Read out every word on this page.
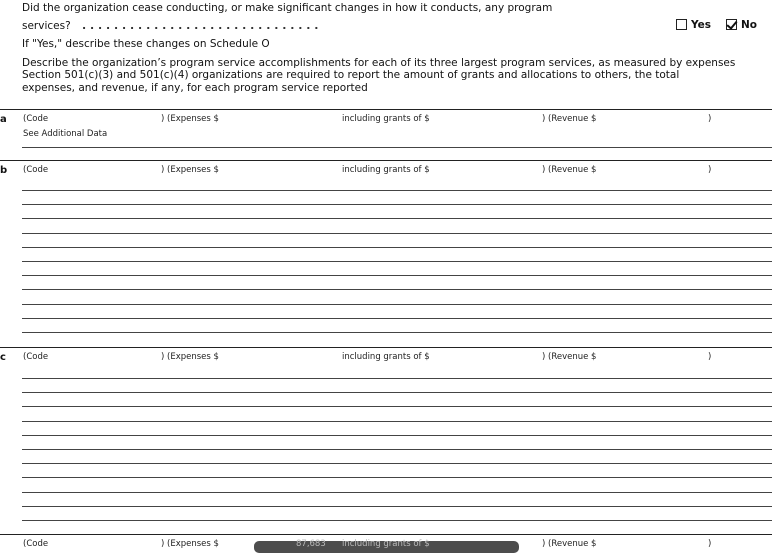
Did the organization cease conducting, or make significant changes in how it conducts, any program
services? . . . . . . . . . . . . . . . . . . . . . . . . . . . . . .	Yes	No
If "Yes," describe these changes on Schedule O
Describe the organization’s program service accomplishments for each of its three largest program services, as measured by expenses
Section 501(c)(3) and 501(c)(4) organizations are required to report the amount of grants and allocations to others, the total
expenses, and revenue, if any, for each program service reported
a (Code	) (Expenses $	including grants of $	) (Revenue $	)
See Additional Data
b (Code	) (Expenses $	including grants of $	) (Revenue $	)
c (Code	) (Expenses $	including grants of $	) (Revenue $	)
(Code	) (Expenses $	87,683 including grants of $	) (Revenue $	)
